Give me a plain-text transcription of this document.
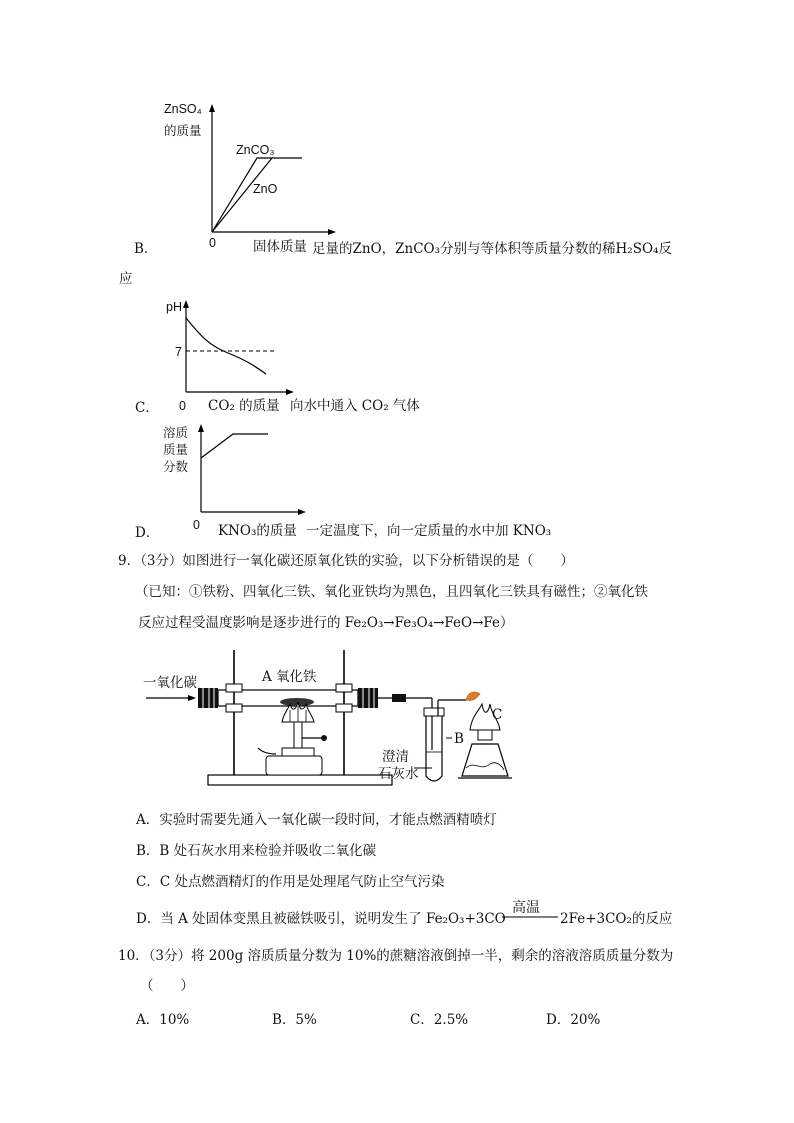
ZnSO₄
的质量
ZnCO₃
ZnO
0
B．	固体质量 足量的ZnO，ZnCO₃分别与等体积等质量分数的稀H₂SO₄反
应
pH
7
C． 0 CO₂ 的质量 向水中通入 CO₂ 气体
溶质
质量
分数
0
D．	KNO₃的质量 一定温度下，向一定质量的水中加 KNO₃
9．（3分）如图进行一氧化碳还原氧化铁的实验，以下分析错误的是（　　）
（已知：①铁粉、四氧化三铁、氧化亚铁均为黑色，且四氧化三铁具有磁性；②氧化铁
反应过程受温度影响是逐步进行的 Fe₂O₃→Fe₃O₄→FeO→Fe）
一氧化碳	A 氧化铁
B
C
澄清
石灰水
A．实验时需要先通入一氧化碳一段时间，才能点燃酒精喷灯
B．B 处石灰水用来检验并吸收二氧化碳
C．C 处点燃酒精灯的作用是处理尾气防止空气污染
D．当 A 处固体变黑且被磁铁吸引，说明发生了 Fe₂O₃+3CO
高温
2Fe+3CO₂的反应
10．（3分）将 200g 溶质质量分数为 10%的蔗糖溶液倒掉一半，剩余的溶液溶质质量分数为
（　　）
A．10%	B．5%	C．2.5%	D．20%
